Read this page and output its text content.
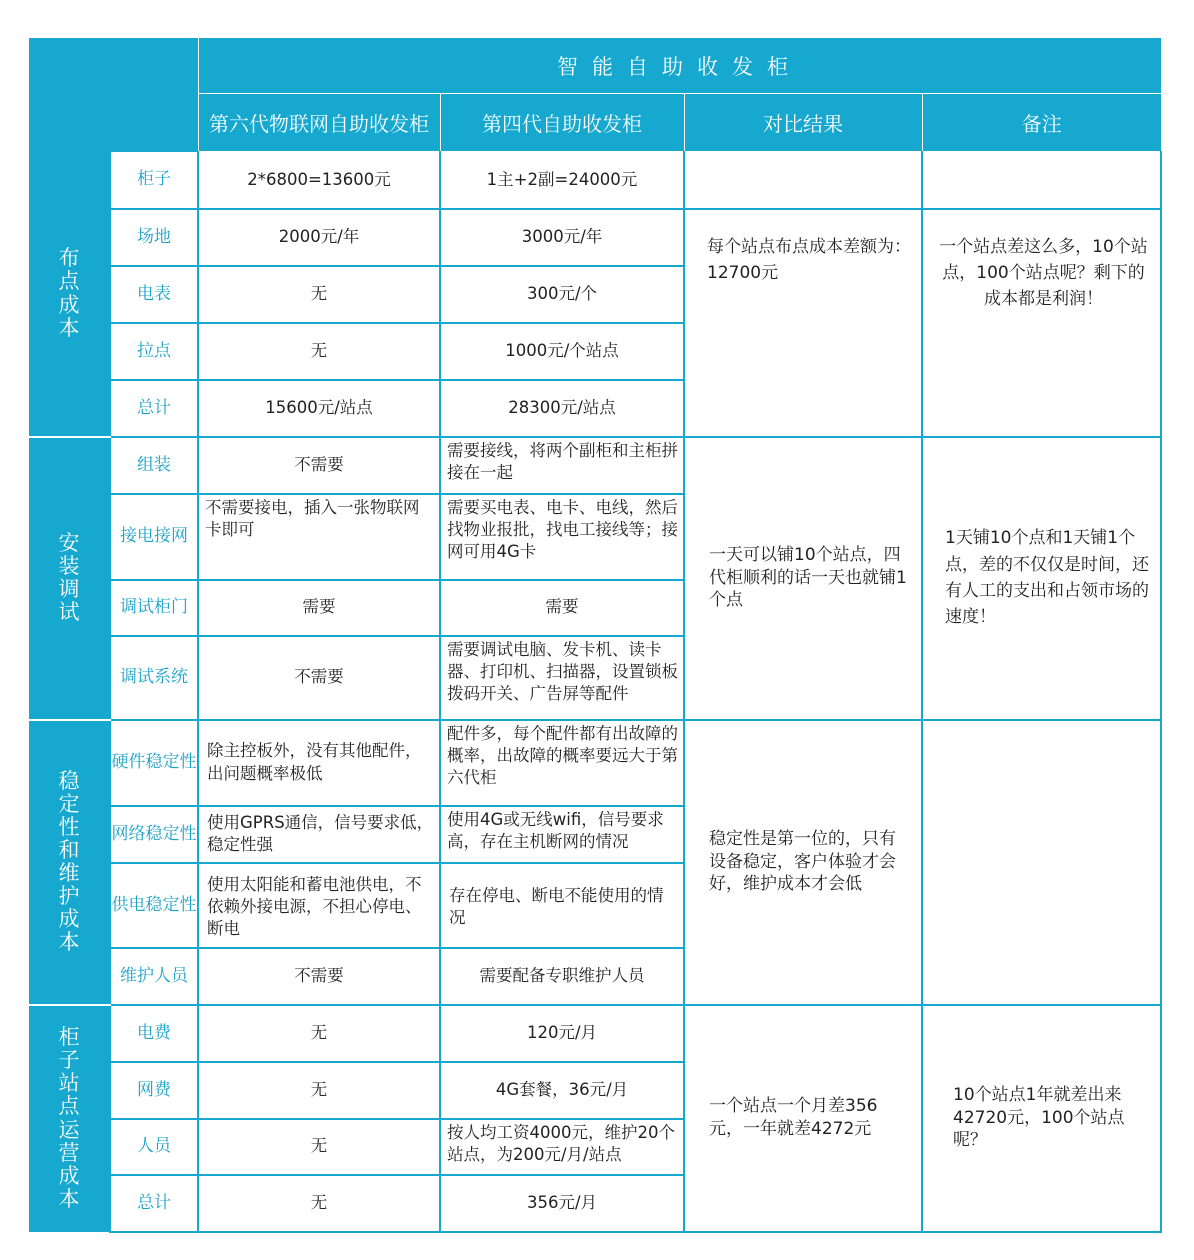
		智能自助收发柜			
		第六代物联网自助收发柜	第四代自助收发柜	对比结果	备注
布点成本	柜子	2*6800=13600元	1主+2副=24000元		
	场地	2000元/年	3000元/年	每个站点布点成本差额为：12700元	一个站点差这么多，10个站点，100个站点呢？剩下的成本都是利润！
	电表	无	300元/个		
	拉点	无	1000元/个站点		
	总计	15600元/站点	28300元/站点		
安装调试	组装	不需要	需要接线，将两个副柜和主柜拼接在一起	一天可以铺10个站点，四代柜顺利的话一天也就铺1个点	1天铺10个点和1天铺1个点，差的不仅仅是时间，还有人工的支出和占领市场的速度！
	接电接网	不需要接电，插入一张物联网卡即可	需要买电表、电卡、电线，然后找物业报批，找电工接线等；接网可用4G卡		
	调试柜门	需要	需要		
	调试系统	不需要	需要调试电脑、发卡机、读卡器、打印机、扫描器，设置锁板拨码开关、广告屏等配件		
稳定性和维护成本	硬件稳定性	除主控板外，没有其他配件，出问题概率极低	配件多，每个配件都有出故障的概率，出故障的概率要远大于第六代柜	稳定性是第一位的，只有设备稳定，客户体验才会好，维护成本才会低	
	网络稳定性	使用GPRS通信，信号要求低，稳定性强	使用4G或无线wifi，信号要求高，存在主机断网的情况		
	供电稳定性	使用太阳能和蓄电池供电，不依赖外接电源，不担心停电、断电	存在停电、断电不能使用的情况		
	维护人员	不需要	需要配备专职维护人员		
柜子站点运营成本	电费	无	120元/月	一个站点一个月差356元，一年就差4272元	10个站点1年就差出来42720元，100个站点呢？
	网费	无	4G套餐，36元/月		
	人员	无	按人均工资4000元，维护20个站点，为200元/月/站点		
	总计	无	356元/月		
